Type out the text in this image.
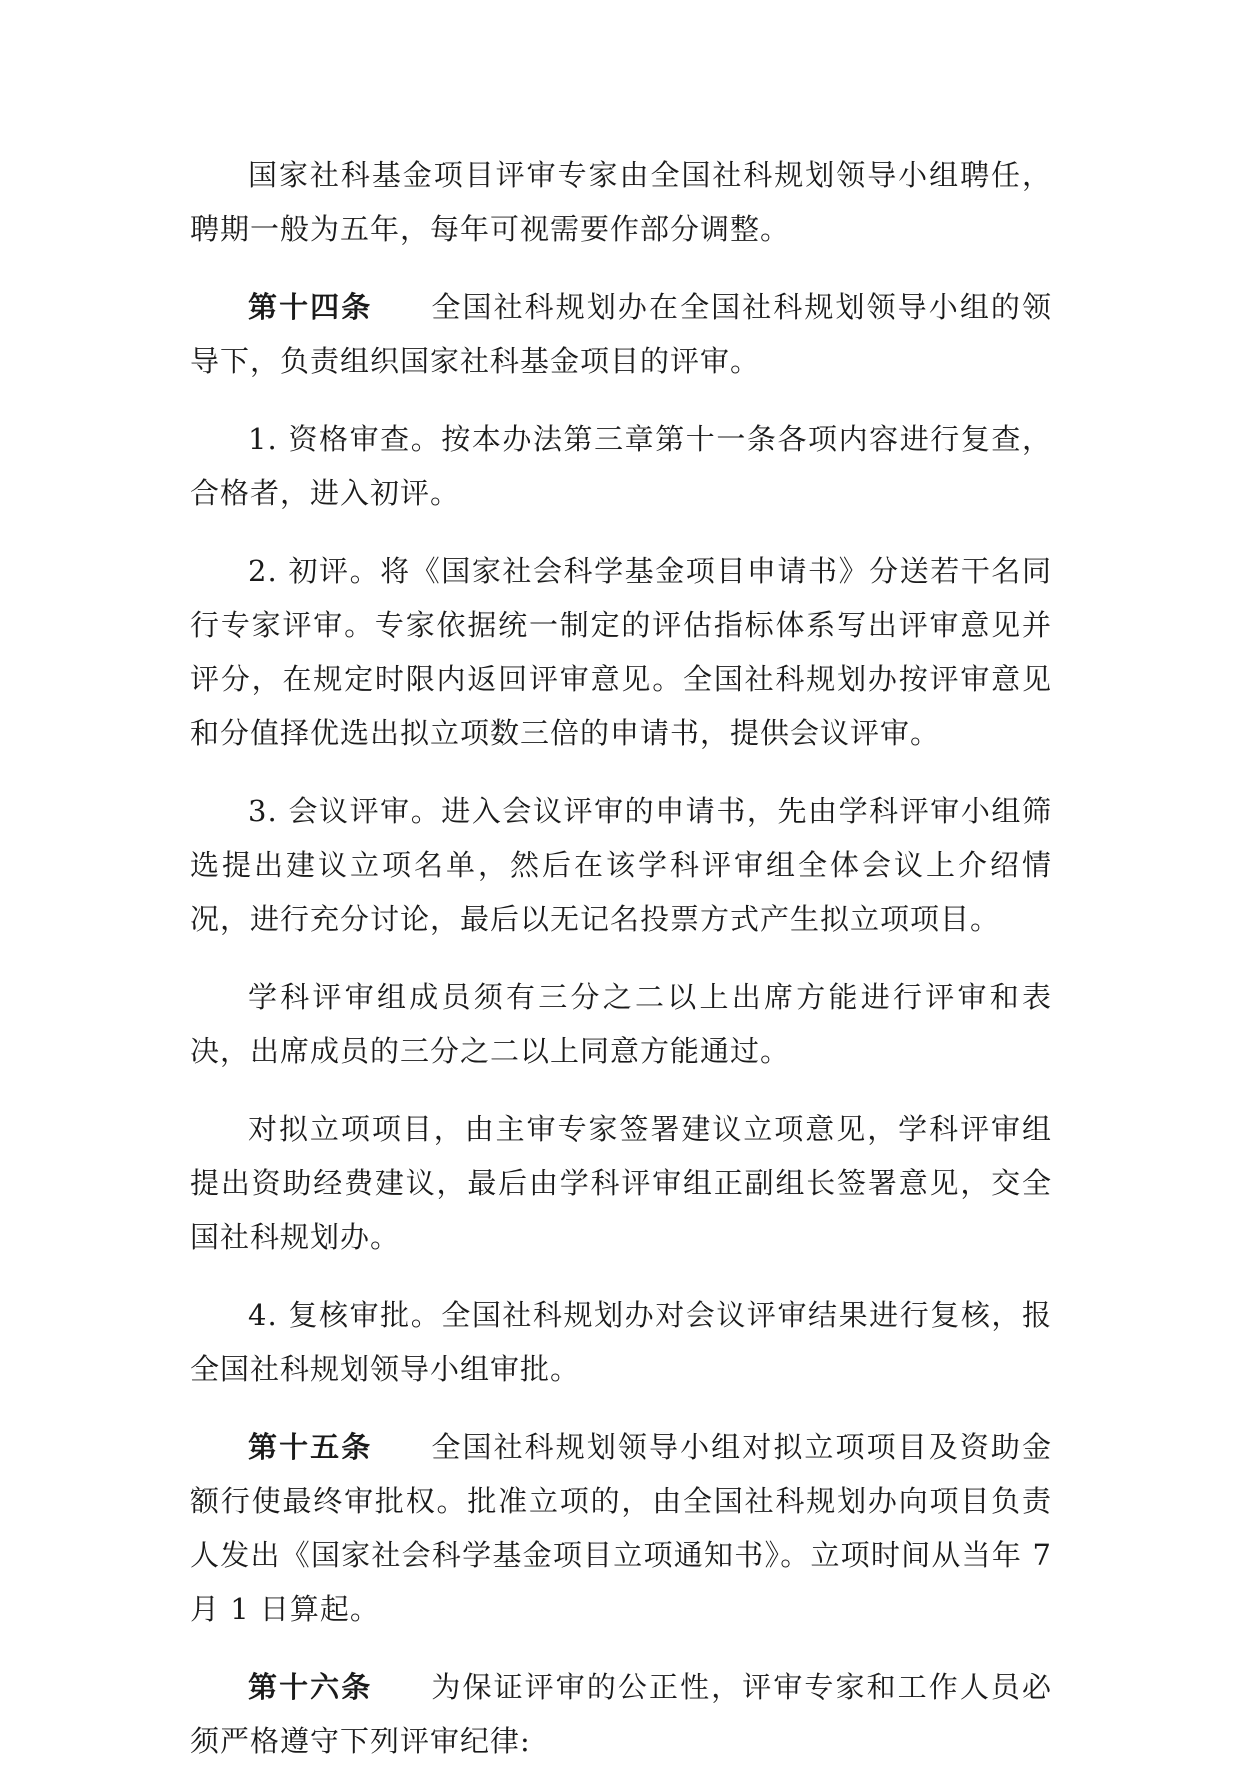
国家社科基金项目评审专家由全国社科规划领导小组聘任，聘期一般为五年，每年可视需要作部分调整。

第十四条 全国社科规划办在全国社科规划领导小组的领导下，负责组织国家社科基金项目的评审。

1. 资格审查。按本办法第三章第十一条各项内容进行复查，合格者，进入初评。

2. 初评。将《国家社会科学基金项目申请书》分送若干名同行专家评审。专家依据统一制定的评估指标体系写出评审意见并评分，在规定时限内返回评审意见。全国社科规划办按评审意见和分值择优选出拟立项数三倍的申请书，提供会议评审。

3. 会议评审。进入会议评审的申请书，先由学科评审小组筛选提出建议立项名单，然后在该学科评审组全体会议上介绍情况，进行充分讨论，最后以无记名投票方式产生拟立项项目。

学科评审组成员须有三分之二以上出席方能进行评审和表决，出席成员的三分之二以上同意方能通过。

对拟立项项目，由主审专家签署建议立项意见，学科评审组提出资助经费建议，最后由学科评审组正副组长签署意见，交全国社科规划办。

4. 复核审批。全国社科规划办对会议评审结果进行复核，报全国社科规划领导小组审批。

第十五条 全国社科规划领导小组对拟立项项目及资助金额行使最终审批权。批准立项的，由全国社科规划办向项目负责人发出《国家社会科学基金项目立项通知书》。立项时间从当年 7 月 1 日算起。

第十六条 为保证评审的公正性，评审专家和工作人员必须严格遵守下列评审纪律:
